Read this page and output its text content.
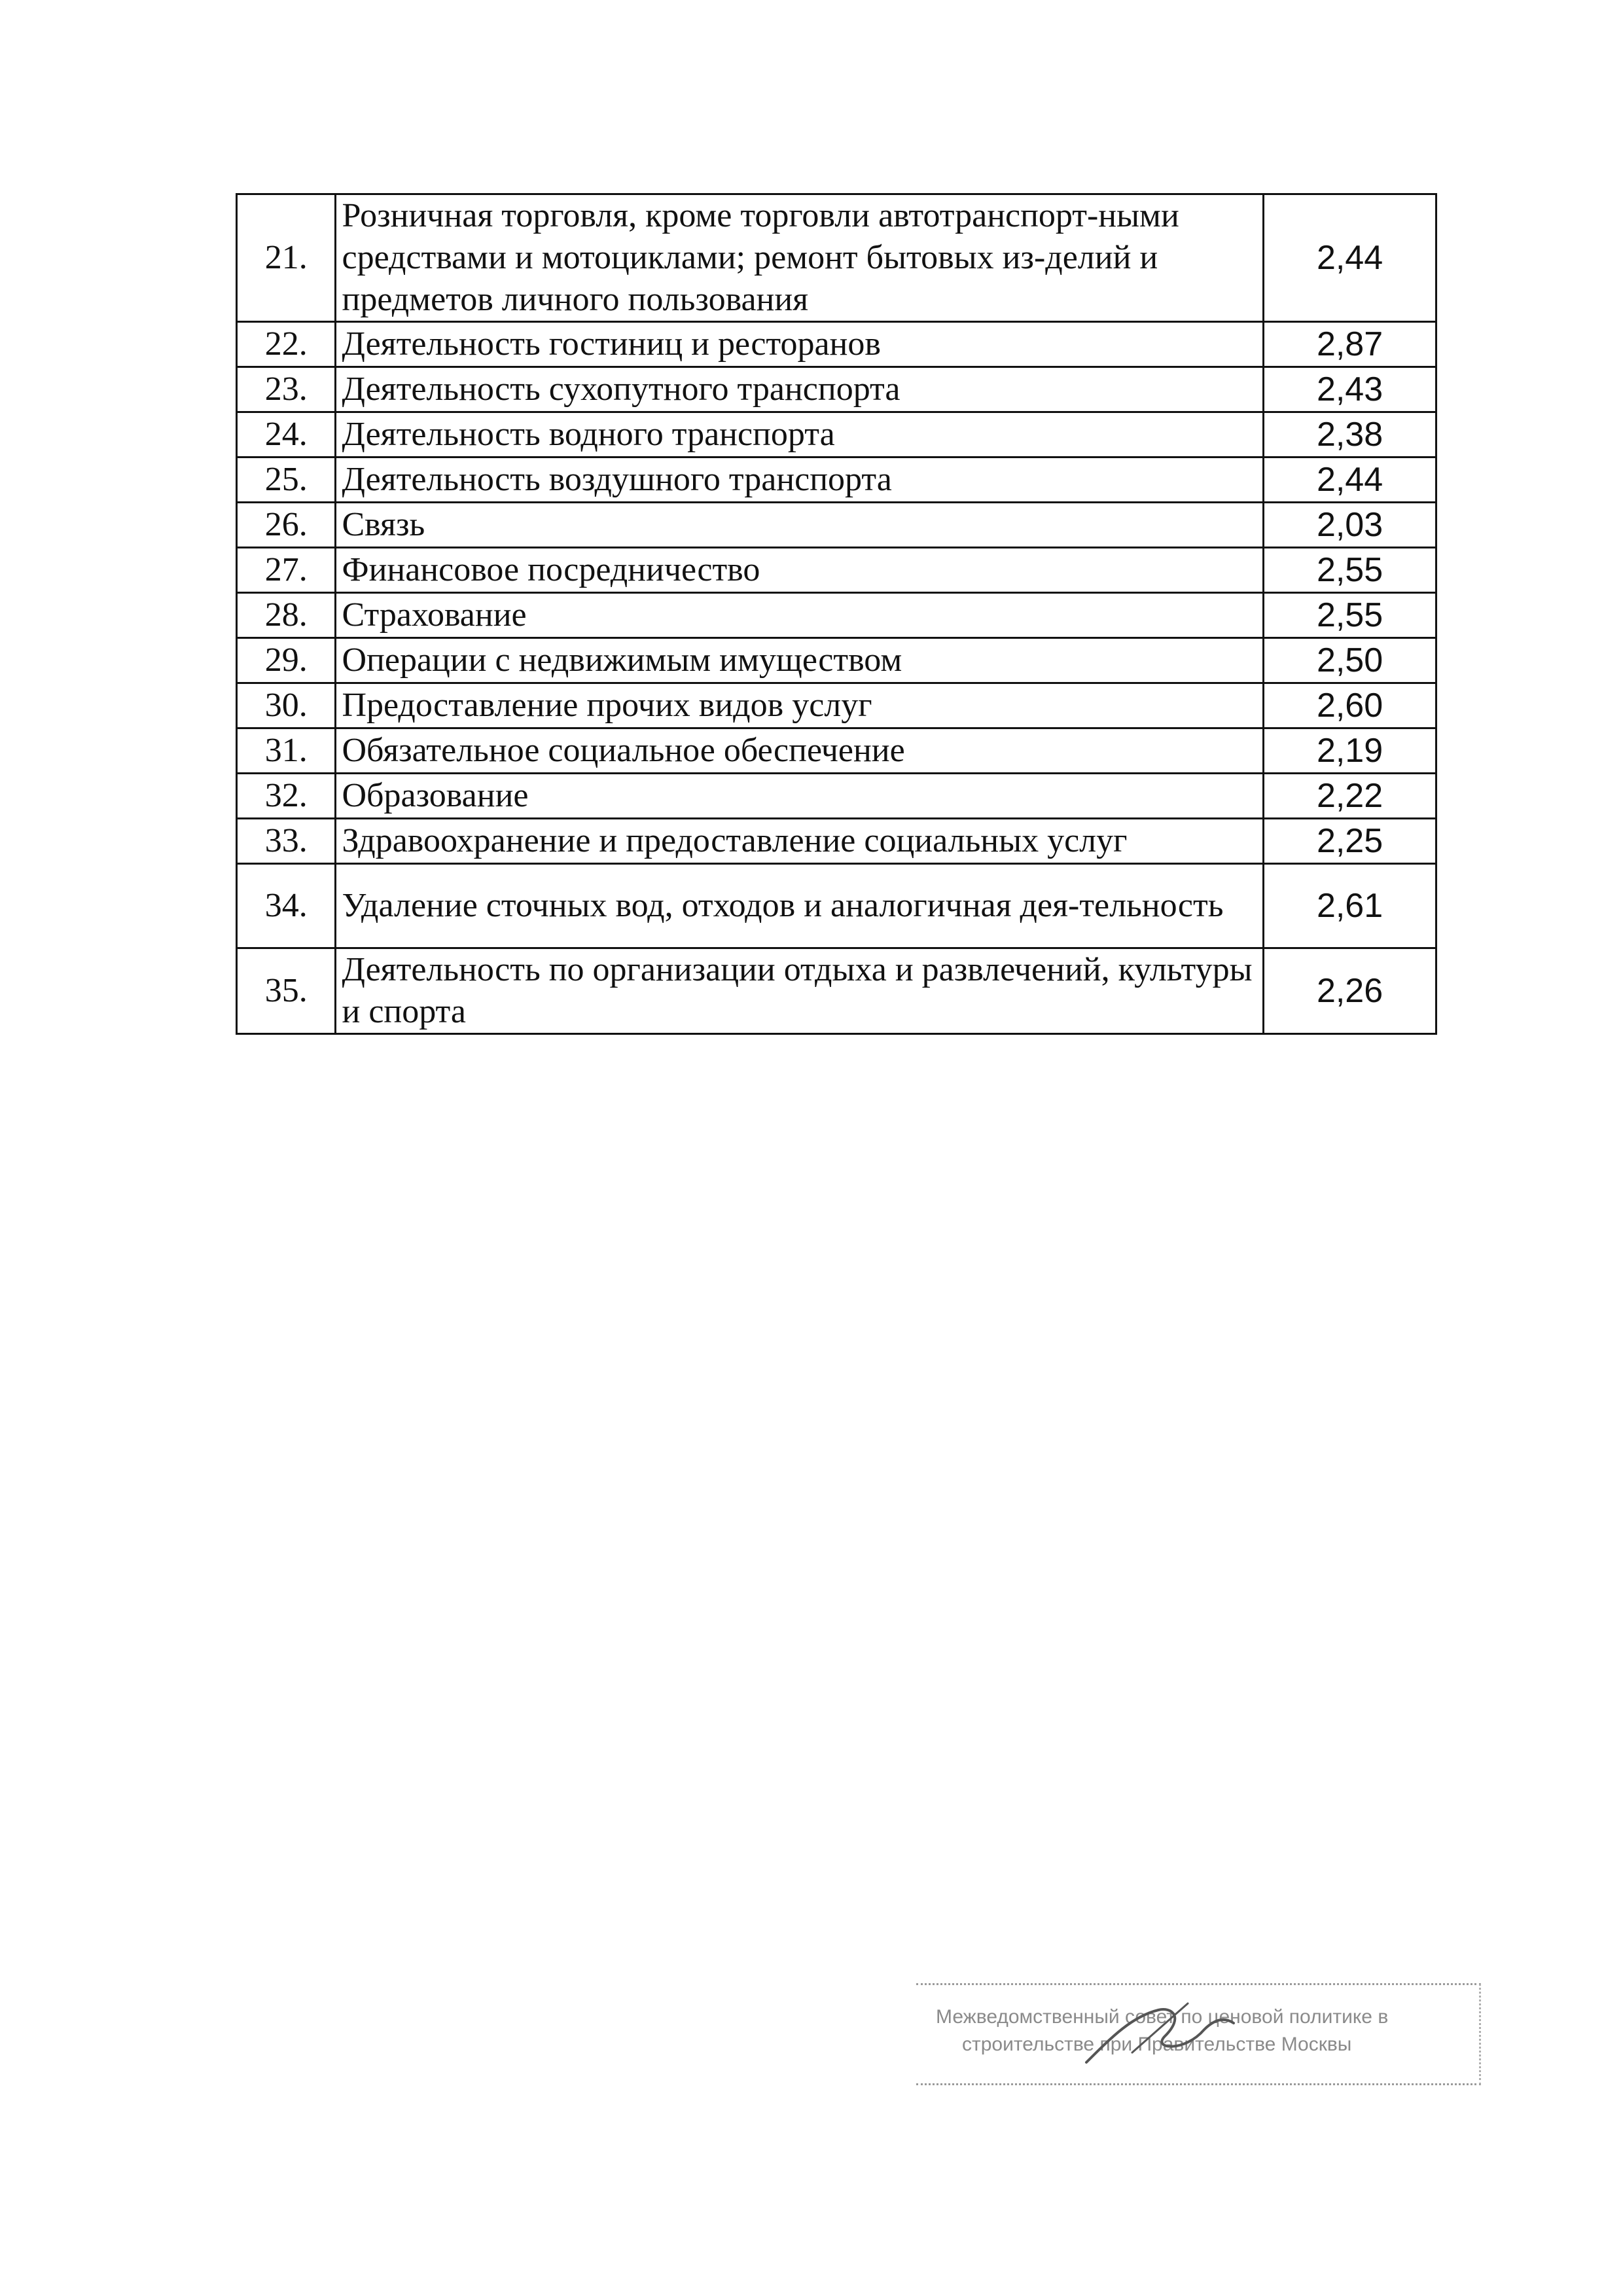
21.	Розничная торговля, кроме торговли автотранспорт-ными средствами и мотоциклами; ремонт бытовых из-делий и предметов личного пользования	2,44
22.	Деятельность гостиниц и ресторанов	2,87
23.	Деятельность сухопутного транспорта	2,43
24.	Деятельность водного транспорта	2,38
25.	Деятельность воздушного транспорта	2,44
26.	Связь	2,03
27.	Финансовое посредничество	2,55
28.	Страхование	2,55
29.	Операции с недвижимым имуществом	2,50
30.	Предоставление прочих видов услуг	2,60
31.	Обязательное социальное обеспечение	2,19
32.	Образование	2,22
33.	Здравоохранение и предоставление социальных услуг	2,25
34.	Удаление сточных вод, отходов и аналогичная дея-тельность	2,61
35.	Деятельность по организации отдыха и развлечений, культуры и спорта	2,26
Межведомственный совет по ценовой политике в
строительстве при Правительстве Москвы
